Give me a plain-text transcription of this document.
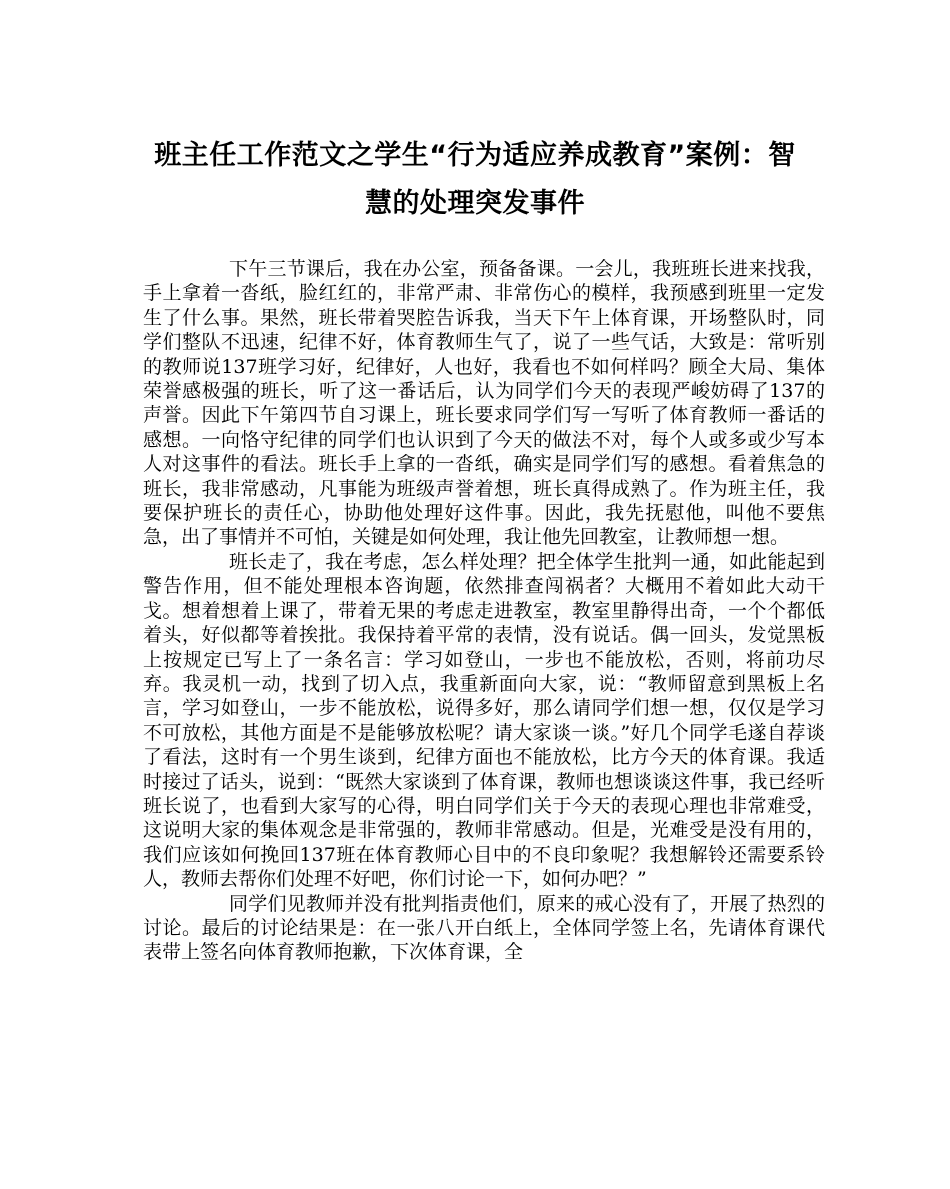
班主任工作范文之学生“行为适应养成教育”案例：智
慧的处理突发事件

下午三节课后，我在办公室，预备备课。一会儿，我班班长进来找我，手上拿着一沓纸，脸红红的，非常严肃、非常伤心的模样，我预感到班里一定发生了什么事。果然，班长带着哭腔告诉我，当天下午上体育课，开场整队时，同学们整队不迅速，纪律不好，体育教师生气了，说了一些气话，大致是：常听别的教师说137班学习好，纪律好，人也好，我看也不如何样吗？顾全大局、集体荣誉感极强的班长，听了这一番话后，认为同学们今天的表现严峻妨碍了137的声誉。因此下午第四节自习课上，班长要求同学们写一写听了体育教师一番话的感想。一向恪守纪律的同学们也认识到了今天的做法不对，每个人或多或少写本人对这事件的看法。班长手上拿的一沓纸，确实是同学们写的感想。看着焦急的班长，我非常感动，凡事能为班级声誉着想，班长真得成熟了。作为班主任，我要保护班长的责任心，协助他处理好这件事。因此，我先抚慰他，叫他不要焦急，出了事情并不可怕，关键是如何处理，我让他先回教室，让教师想一想。

班长走了，我在考虑，怎么样处理？把全体学生批判一通，如此能起到警告作用，但不能处理根本咨询题，依然排查闯祸者？大概用不着如此大动干戈。想着想着上课了，带着无果的考虑走进教室，教室里静得出奇，一个个都低着头，好似都等着挨批。我保持着平常的表情，没有说话。偶一回头，发觉黑板上按规定已写上了一条名言：学习如登山，一步也不能放松，否则，将前功尽弃。我灵机一动，找到了切入点，我重新面向大家，说：“教师留意到黑板上名言，学习如登山，一步不能放松，说得多好，那么请同学们想一想，仅仅是学习不可放松，其他方面是不是能够放松呢？请大家谈一谈。”好几个同学毛遂自荐谈了看法，这时有一个男生谈到，纪律方面也不能放松，比方今天的体育课。我适时接过了话头，说到：“既然大家谈到了体育课，教师也想谈谈这件事，我已经听班长说了，也看到大家写的心得，明白同学们关于今天的表现心理也非常难受，这说明大家的集体观念是非常强的，教师非常感动。但是，光难受是没有用的，我们应该如何挽回137班在体育教师心目中的不良印象呢？我想解铃还需要系铃人，教师去帮你们处理不好吧，你们讨论一下，如何办吧？”

同学们见教师并没有批判指责他们，原来的戒心没有了，开展了热烈的讨论。最后的讨论结果是：在一张八开白纸上，全体同学签上名，先请体育课代表带上签名向体育教师抱歉，下次体育课，全
